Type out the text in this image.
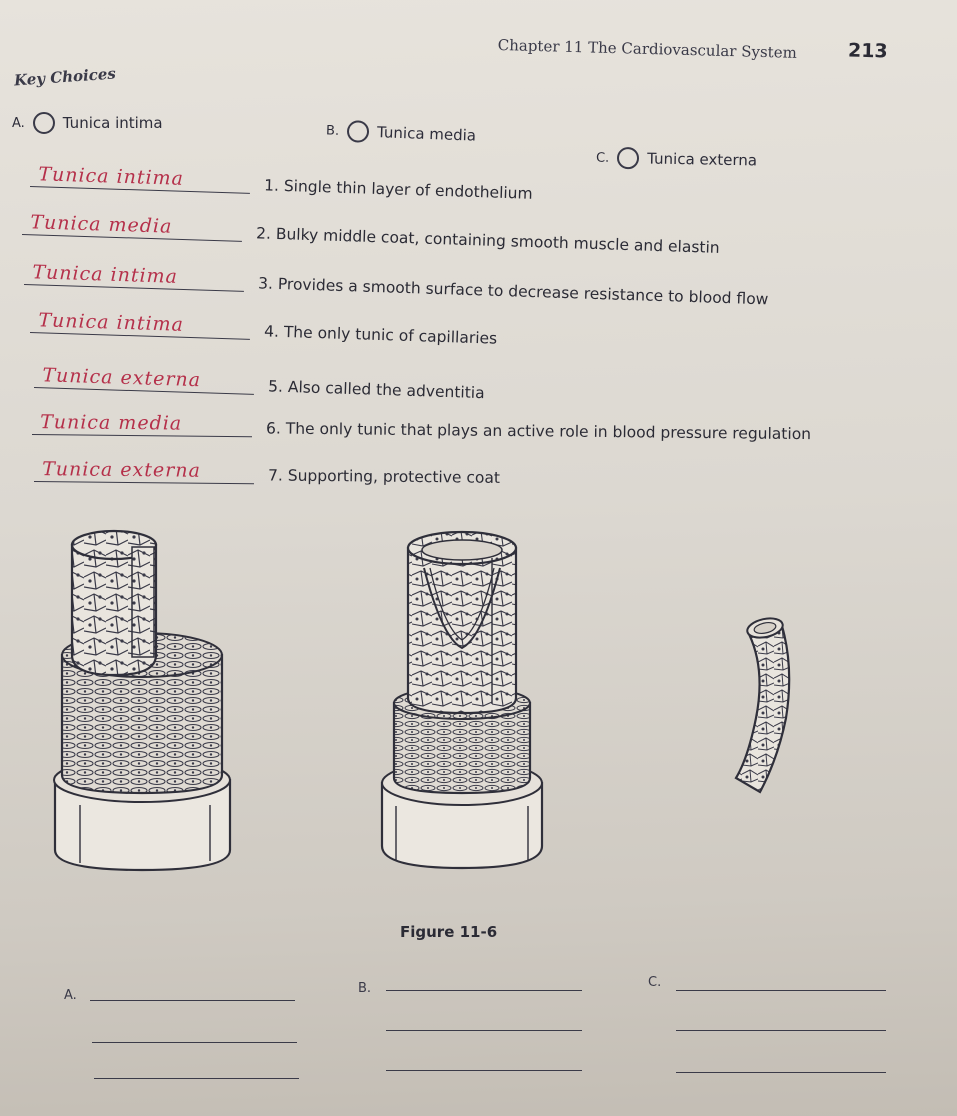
Chapter 11 The Cardiovascular System	213
Key Choices
A.	Tunica intima	B. Tunica media
C.	Tunica externa
Tunica intima	1. Single thin layer of endothelium
Tunica media	2. Bulky middle coat, containing smooth muscle and elastin
Tunica intima	3. Provides a smooth surface to decrease resistance to blood flow
Tunica intima	4. The only tunic of capillaries
Tunica externa	5. Also called the adventitia
Tunica media	6. The only tunic that plays an active role in blood pressure regulation
Tunica externa	7. Supporting, protective coat
Figure 11-6
A.	B.	C.
